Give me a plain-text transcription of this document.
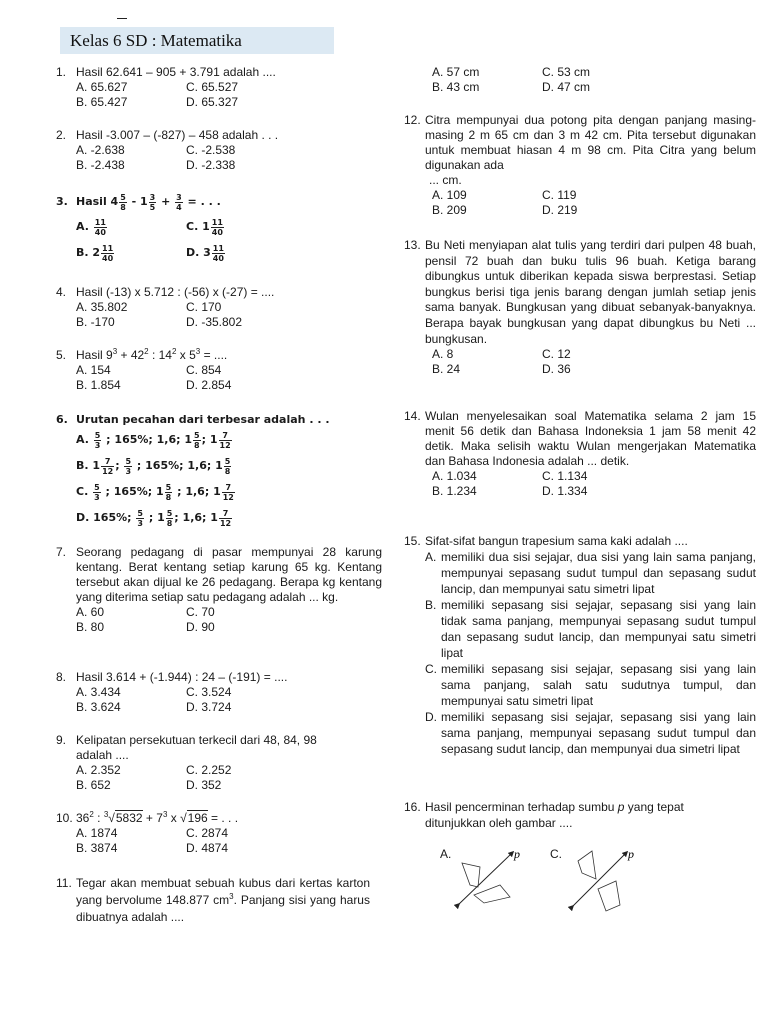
Kelas 6 SD : Matematika
1. Hasil 62.641 – 905 + 3.791 adalah ....
A. 65.627	C. 65.527
B. 65.427	D. 65.327
2. Hasil -3.007 – (-827) – 458 adalah . . .
A. -2.638	C. -2.538
B. -2.438	D. -2.338
3. Hasil $4 \frac{5}{8} - 1 \frac{3}{5} + \frac{3}{4}$ = . . .
A. $\frac{11}{40}$	C. $1 \frac{11}{40}$
B. $2 \frac{11}{40}$	D. $3 \frac{11}{40}$
4. Hasil (-13) x 5.712 : (-56) x (-27) = ....
A. 35.802	C. 170
B. -170	D. -35.802
5. Hasil $9^3 + 42^2$ : $14^2$ x $5^3$ = ....
A. 154	C. 854
B. 1.854	D. 2.854
6. Urutan pecahan dari terbesar adalah . . .
A. $\frac{5}{3}$ ; 165%; 1,6; $1 \frac{5}{8}$ ; $1 \frac{7}{12}$
B. $1 \frac{7}{12}$ ; $\frac{5}{3}$ ; 165%; 1,6; $1 \frac{5}{8}$
C. $\frac{5}{3}$ ; 165%; $1 \frac{5}{8}$ ; 1,6; $1 \frac{7}{12}$
D. 165%; $\frac{5}{3}$ ; $1 \frac{5}{8}$ ; 1,6; $1 \frac{7}{12}$
7. Seorang pedagang di pasar mempunyai 28 karung kentang. Berat kentang setiap karung 65 kg. Kentang tersebut akan dijual ke 26 pedagang. Berapa kg kentang yang diterima setiap satu pedagang adalah ... kg.
A. 60	C. 70
B. 80	D. 90
8. Hasil 3.614 + (-1.944) : 24 – (-191) = ....
A. 3.434	C. 3.524
B. 3.624	D. 3.724
9. Kelipatan persekutuan terkecil dari 48, 84, 98 adalah ....
A. 2.352	C. 2.252
B. 652	D. 352
10. $36^2$ : $^3√5832 + 7^3$ x √196 = . . .
A. 1874	C. 2874
B. 3874	D. 4874
11. Tegar akan membuat sebuah kubus dari kertas karton yang bervolume 148.877 $cm^3$. Panjang sisi yang harus dibuatnya adalah ....
A. 57 cm	C. 53 cm
B. 43 cm	D. 47 cm
12. Citra mempunyai dua potong pita dengan panjang masing-masing 2 m 65 cm dan 3 m 42 cm. Pita tersebut digunakan untuk membuat hiasan 4 m 98 cm. Pita Citra yang belum digunakan ada
... cm.
A. 109	C. 119
B. 209	D. 219
13. Bu Neti menyiapan alat tulis yang terdiri dari pulpen 48 buah, pensil 72 buah dan buku tulis 96 buah. Ketiga barang dibungkus untuk diberikan kepada siswa berprestasi. Setiap bungkus berisi tiga jenis barang dengan jumlah setiap jenis sama banyak. Bungkusan yang dibuat sebanyak-banyaknya. Berapa bayak bungkusan yang dapat dibungkus bu Neti ... bungkusan.
A. 8	C. 12
B. 24	D. 36
14. Wulan menyelesaikan soal Matematika selama 2 jam 15 menit 56 detik dan Bahasa Indoneksia 1 jam 58 menit 42 detik. Maka selisih waktu Wulan mengerjakan Matematika dan Bahasa Indonesia adalah ... detik.
A. 1.034	C. 1.134
B. 1.234	D. 1.334
15. Sifat-sifat bangun trapesium sama kaki adalah ....
A. memiliki dua sisi sejajar, dua sisi yang lain sama panjang, mempunyai sepasang sudut tumpul dan sepasang sudut lancip, dan mempunyai satu simetri lipat
B. memiliki sepasang sisi sejajar, sepasang sisi yang lain tidak sama panjang, mempunyai sepasang sudut tumpul dan sepasang sudut lancip, dan mempunyai satu simetri lipat
C. memiliki sepasang sisi sejajar, sepasang sisi yang lain sama panjang, salah satu sudutnya tumpul, dan mempunyai satu simetri lipat
D. memiliki sepasang sisi sejajar, sepasang sisi yang lain sama panjang, mempunyai sepasang sudut tumpul dan sepasang sudut lancip, dan mempunyai dua simetri lipat
16. Hasil pencerminan terhadap sumbu p yang tepat ditunjukkan oleh gambar ....
A.	p	C.	p
